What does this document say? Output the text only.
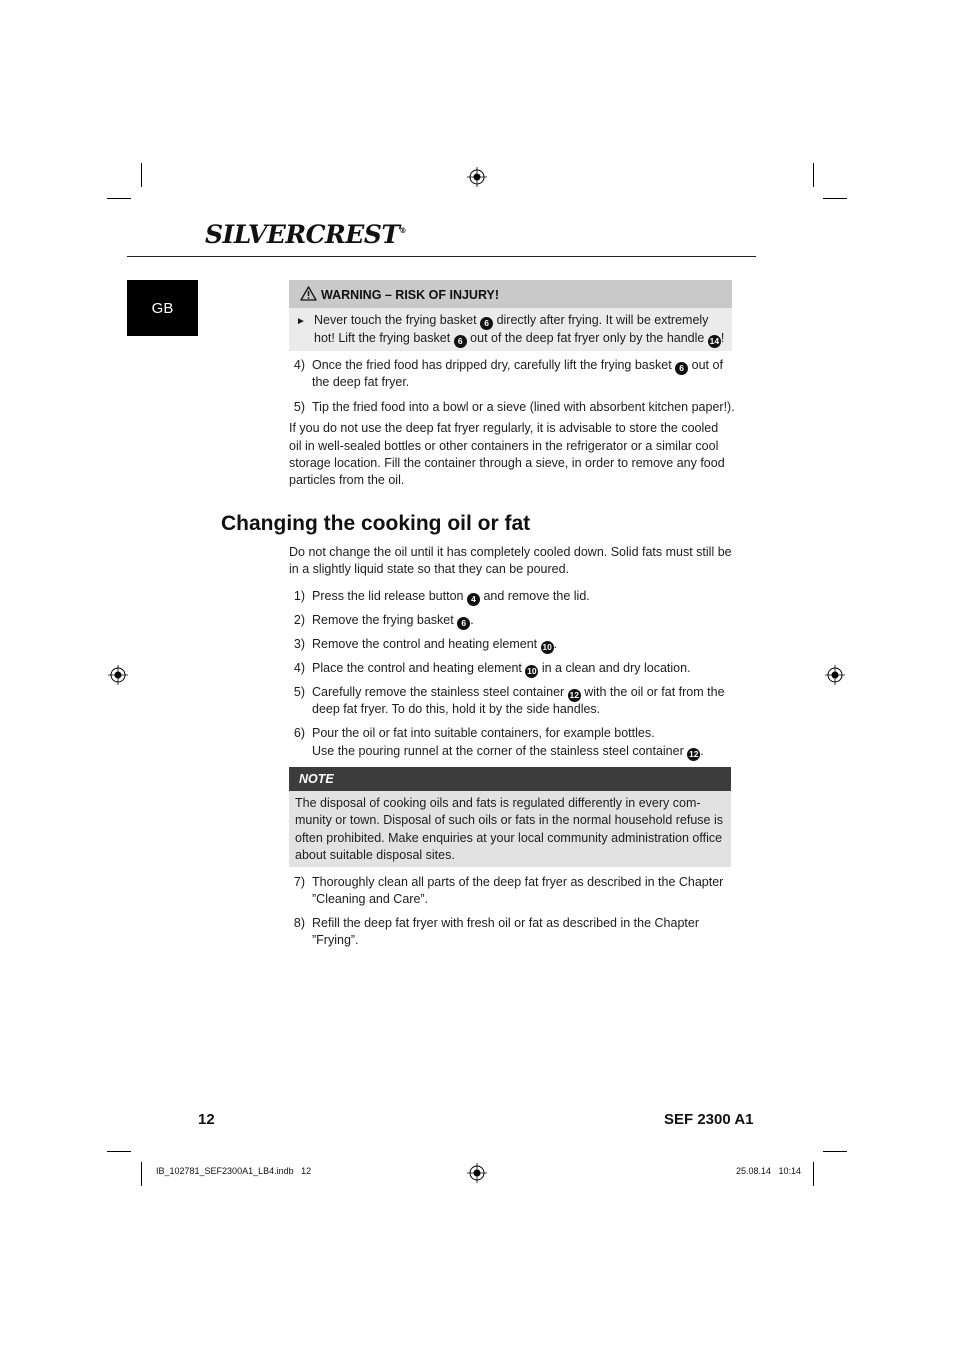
SILVERCREST®
GB
WARNING – RISK OF INJURY!
► Never touch the frying basket 6 directly after frying. It will be extremely
hot! Lift the frying basket 6 out of the deep fat fryer only by the handle 14 !
4) Once the fried food has dripped dry, carefully lift the frying basket 6 out of
the deep fat fryer.
5) Tip the fried food into a bowl or a sieve (lined with absorbent kitchen paper!).
If you do not use the deep fat fryer regularly, it is advisable to store the cooled
oil in well-sealed bottles or other containers in the refrigerator or a similar cool
storage location. Fill the container through a sieve, in order to remove any food
particles from the oil.
Changing the cooking oil or fat
Do not change the oil until it has completely cooled down. Solid fats must still be
in a slightly liquid state so that they can be poured.
1) Press the lid release button 4 and remove the lid.
2) Remove the frying basket 6 .
3) Remove the control and heating element 10 .
4) Place the control and heating element 10 in a clean and dry location.
5) Carefully remove the stainless steel container 12 with the oil or fat from the
deep fat fryer. To do this, hold it by the side handles.
6) Pour the oil or fat into suitable containers, for example bottles.
Use the pouring runnel at the corner of the stainless steel container 12 .
NOTE
The disposal of cooking oils and fats is regulated differently in every com-
munity or town. Disposal of such oils or fats in the normal household refuse is
often prohibited. Make enquiries at your local community administration office
about suitable disposal sites.
7) Thoroughly clean all parts of the deep fat fryer as described in the Chapter
”Cleaning and Care”.
8) Refill the deep fat fryer with fresh oil or fat as described in the Chapter
”Frying”.
12	SEF 2300 A1
IB_102781_SEF2300A1_LB4.indb   12	25.08.14   10:14
